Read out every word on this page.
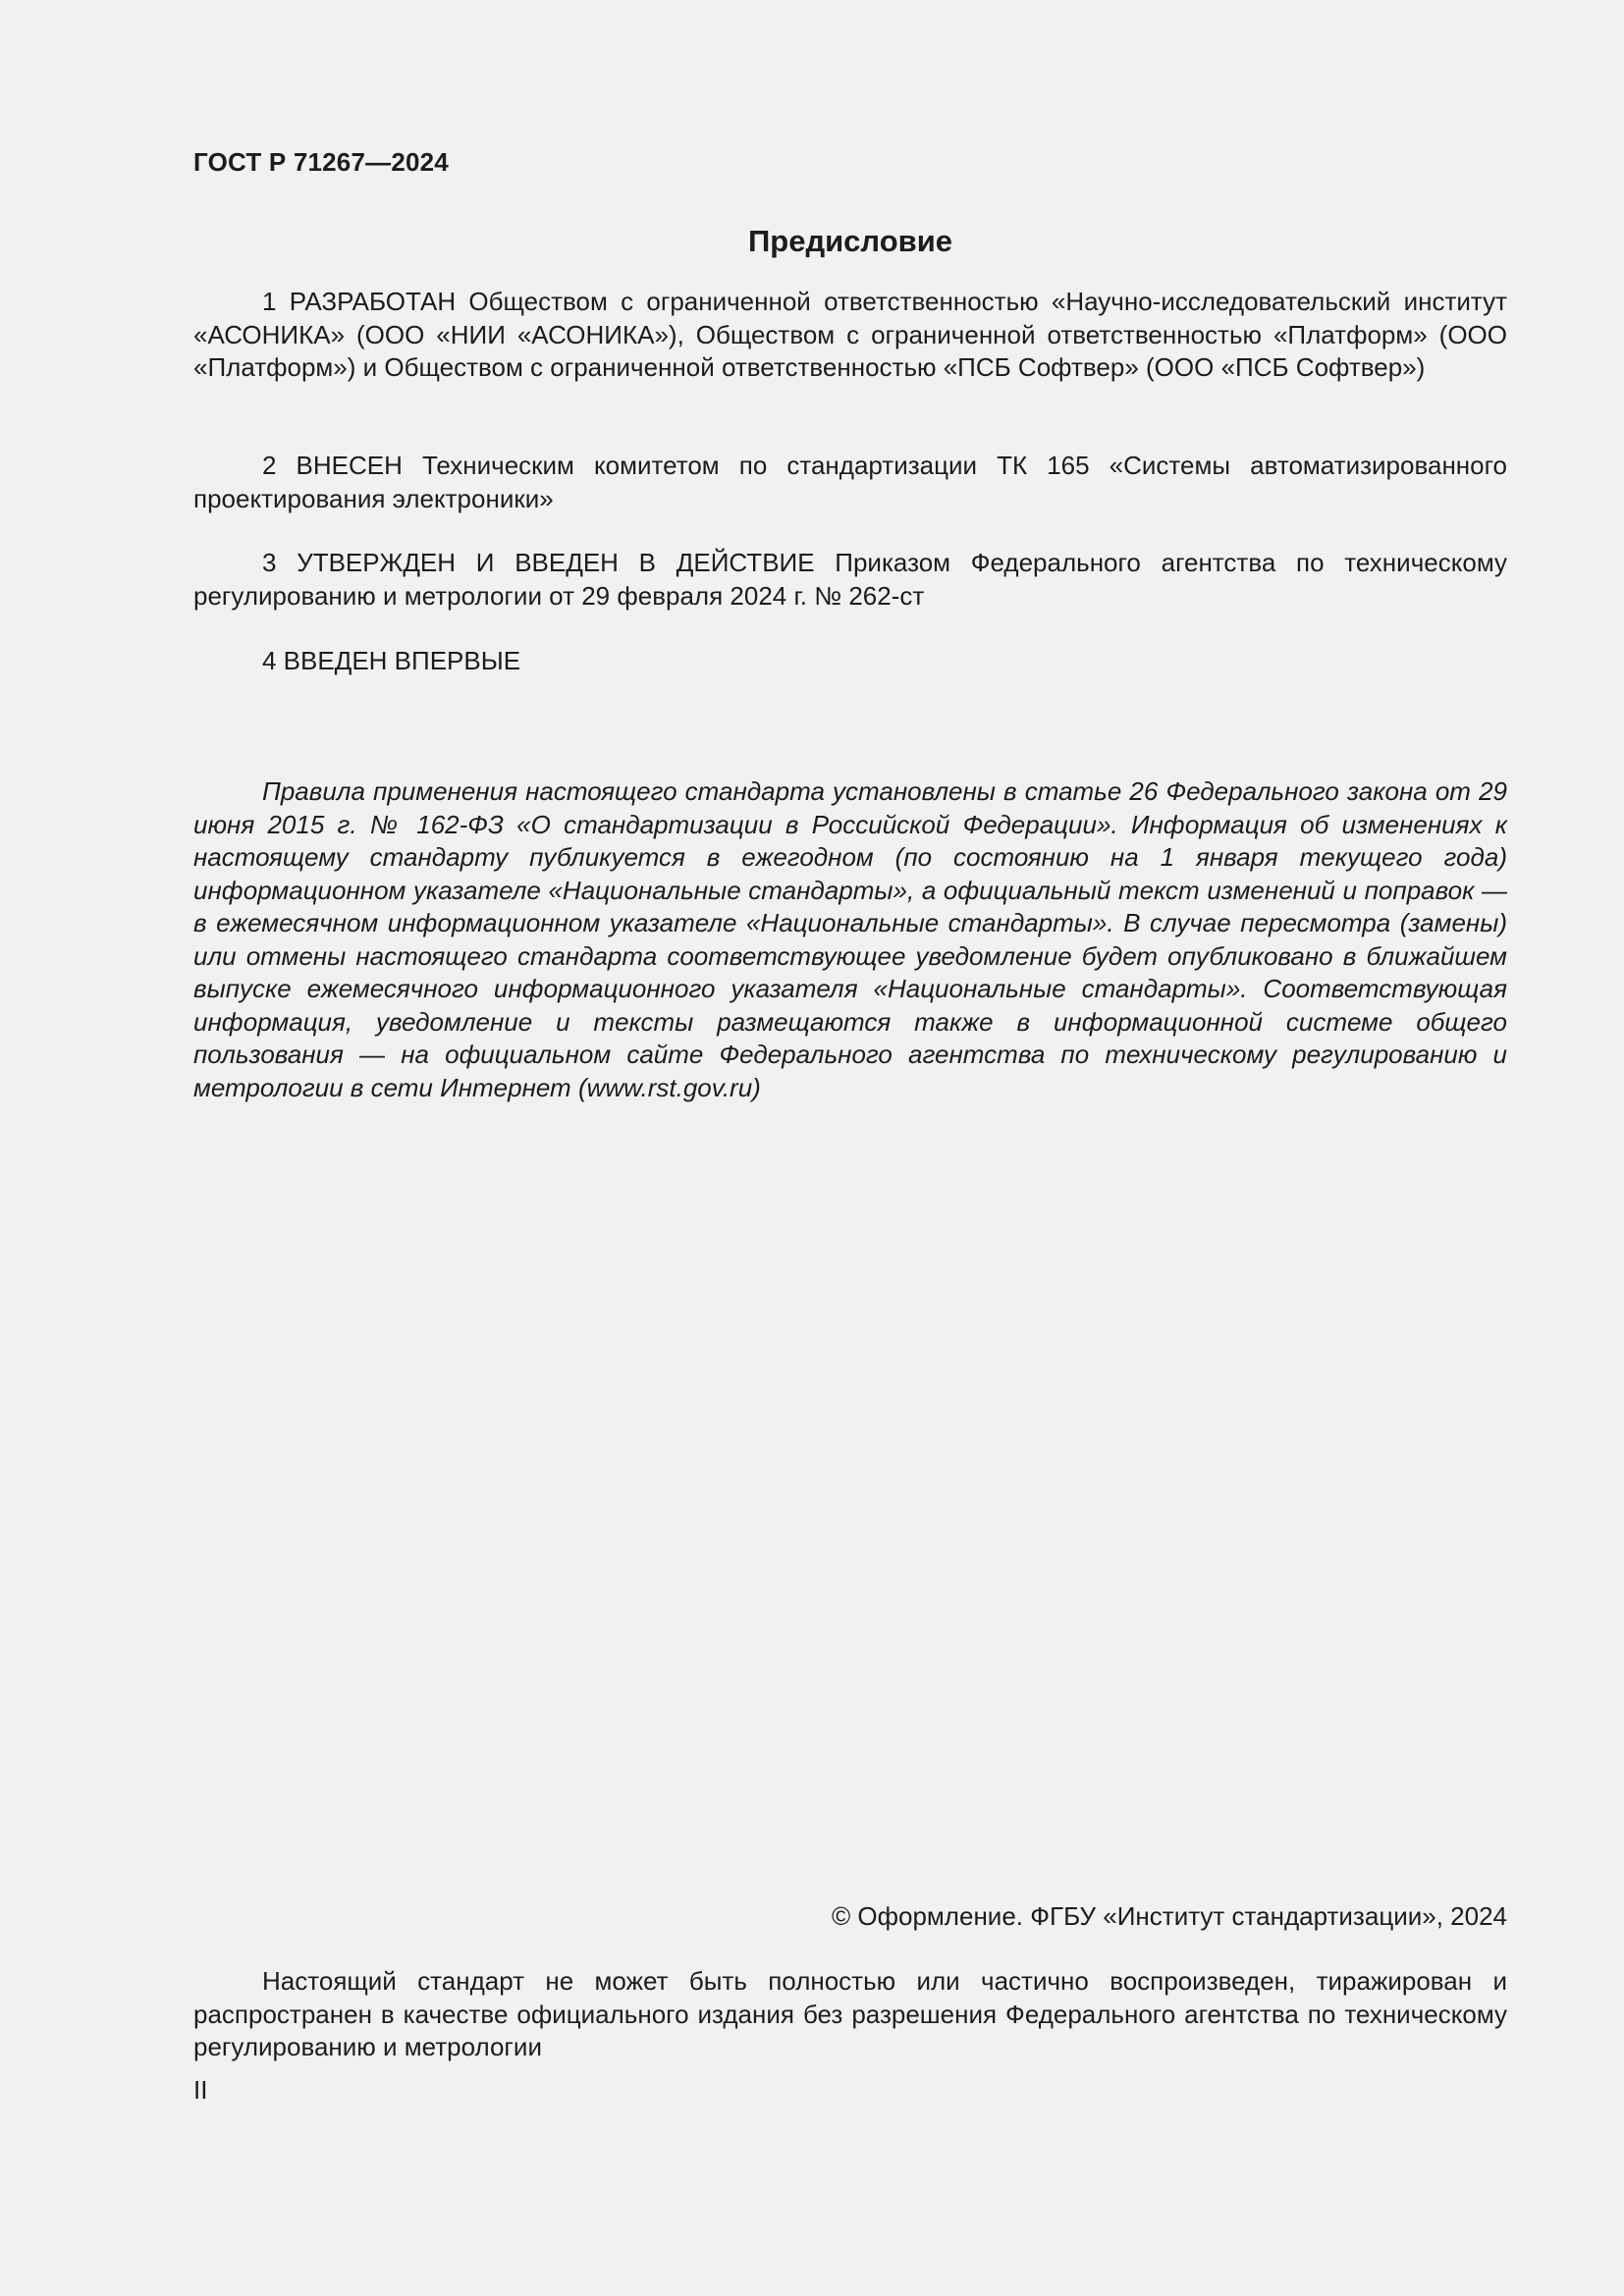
ГОСТ Р 71267—2024
Предисловие

1 РАЗРАБОТАН Обществом с ограниченной ответственностью «Научно-исследовательский институт «АСОНИКА» (ООО «НИИ «АСОНИКА»), Обществом с ограниченной ответственностью «Платформ» (ООО «Платформ») и Обществом с ограниченной ответственностью «ПСБ Софтвер» (ООО «ПСБ Софтвер»)

2 ВНЕСЕН Техническим комитетом по стандартизации ТК 165 «Системы автоматизированного проектирования электроники»

3 УТВЕРЖДЕН И ВВЕДЕН В ДЕЙСТВИЕ Приказом Федерального агентства по техническому регулированию и метрологии от 29 февраля 2024 г. № 262-ст

4 ВВЕДЕН ВПЕРВЫЕ

Правила применения настоящего стандарта установлены в статье 26 Федерального закона от 29 июня 2015 г. № 162-ФЗ «О стандартизации в Российской Федерации». Информация об изменениях к настоящему стандарту публикуется в ежегодном (по состоянию на 1 января текущего года) информационном указателе «Национальные стандарты», а официальный текст изменений и поправок — в ежемесячном информационном указателе «Национальные стандарты». В случае пересмотра (замены) или отмены настоящего стандарта соответствующее уведомление будет опубликовано в ближайшем выпуске ежемесячного информационного указателя «Национальные стандарты». Соответствующая информация, уведомление и тексты размещаются также в информационной системе общего пользования — на официальном сайте Федерального агентства по техническому регулированию и метрологии в сети Интернет (www.rst.gov.ru)

© Оформление. ФГБУ «Институт стандартизации», 2024

Настоящий стандарт не может быть полностью или частично воспроизведен, тиражирован и распространен в качестве официального издания без разрешения Федерального агентства по техническому регулированию и метрологии

II
